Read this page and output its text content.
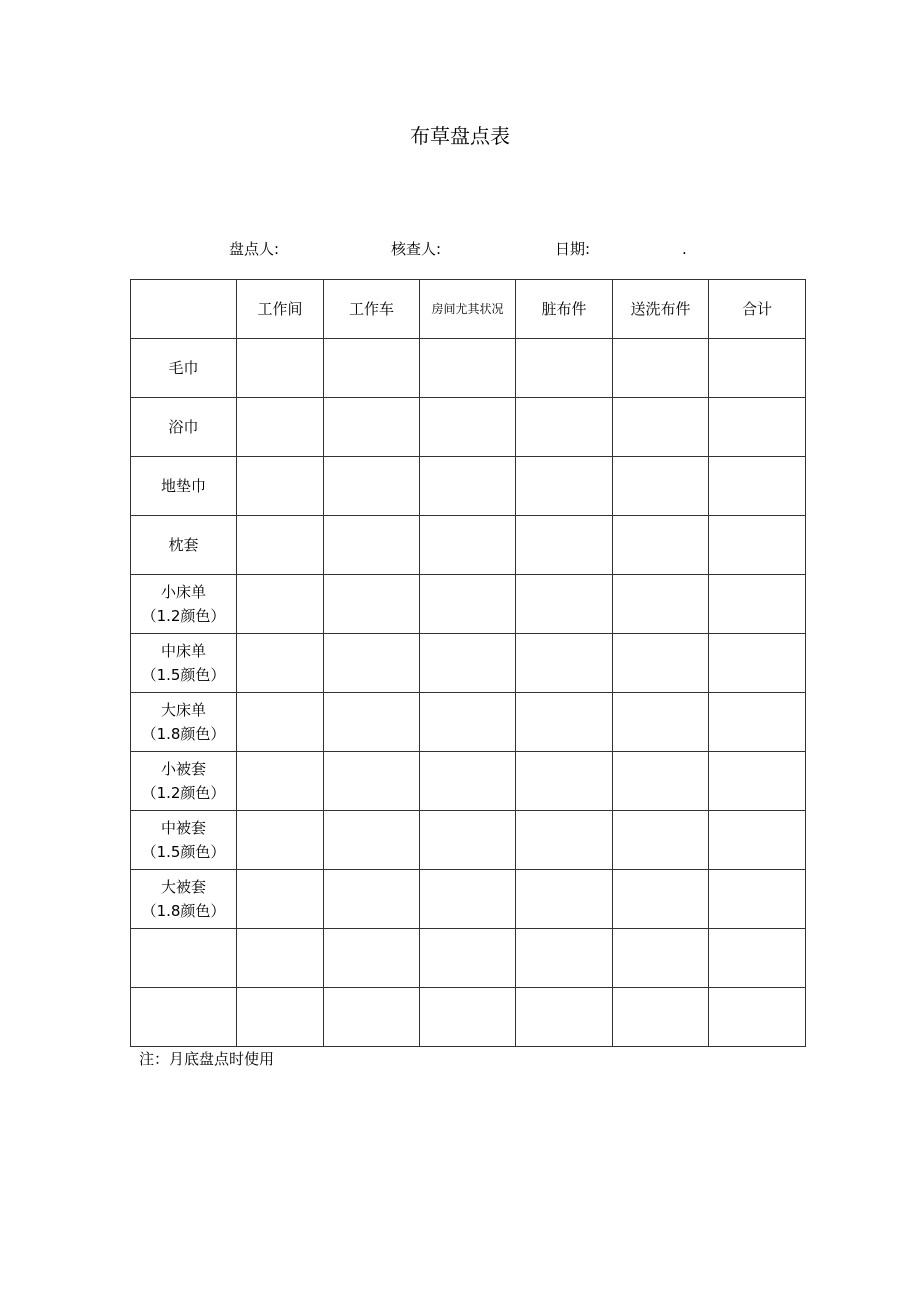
布草盘点表
盘点人:	核查人:	日期:	.
	工作间	工作车	房间尤其状况	脏布件	送洗布件	合计

毛巾						

浴巾						

地垫巾						

枕套						

小床单
（1.2颜色）						

中床单
（1.5颜色）						

大床单
（1.8颜色）						

小被套
（1.2颜色）						

中被套
（1.5颜色）						

大被套
（1.8颜色）						

注：月底盘点时使用
